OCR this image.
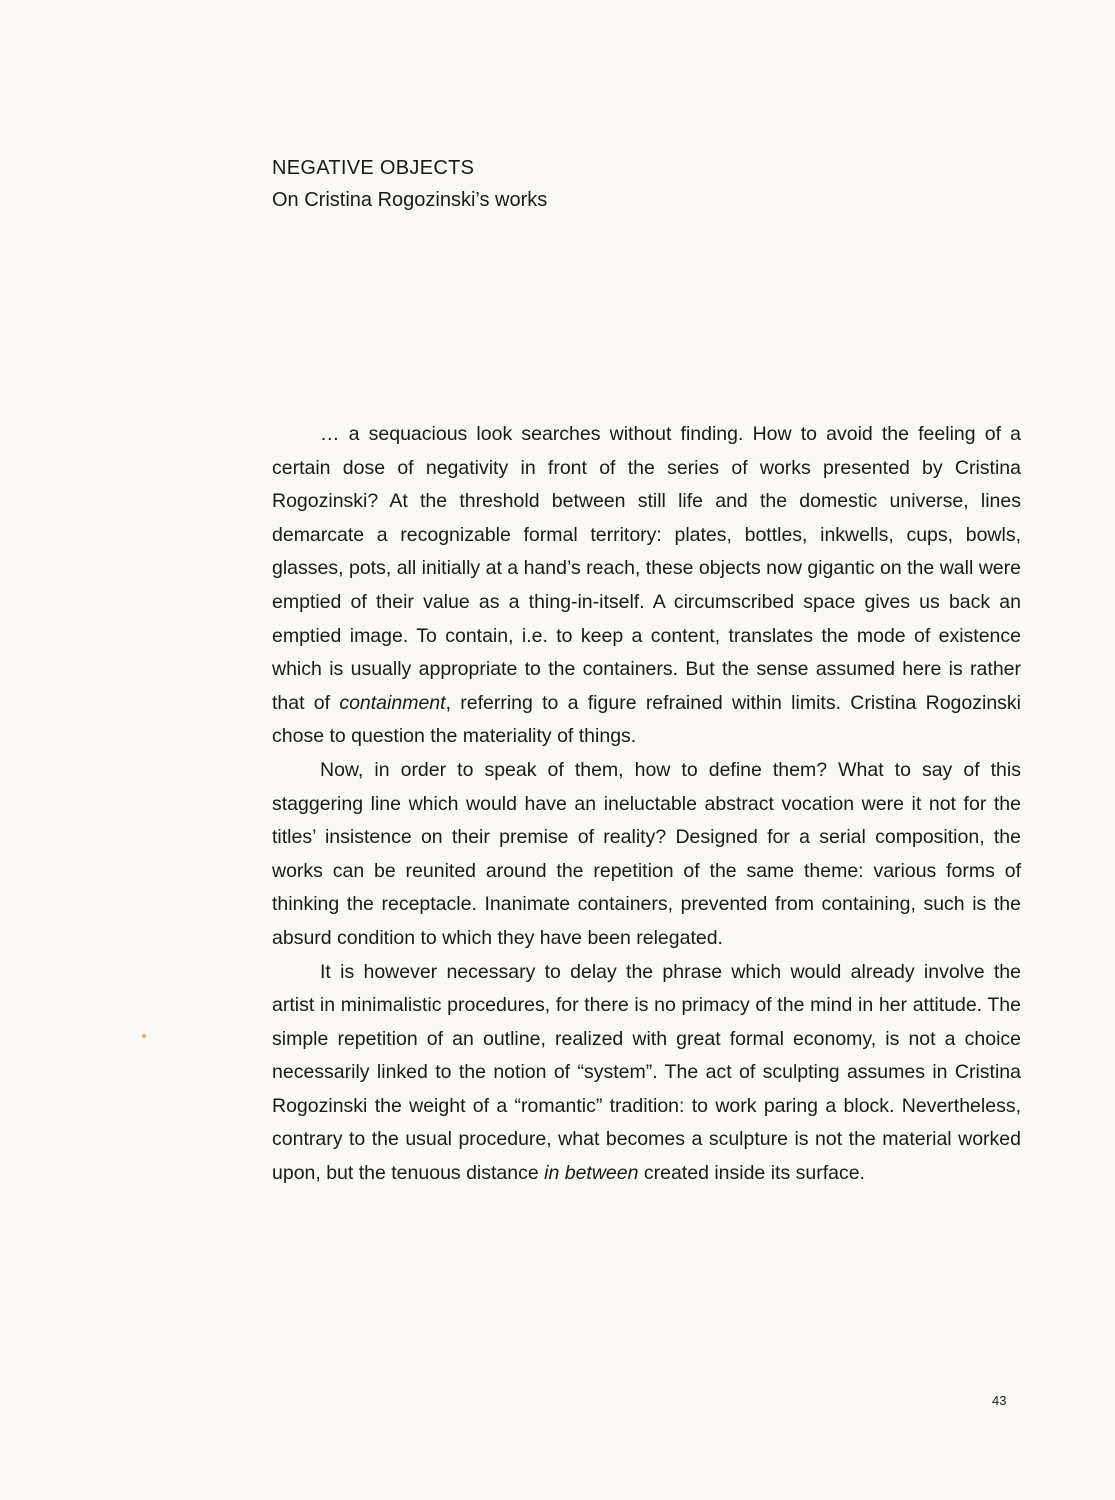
NEGATIVE OBJECTS
On Cristina Rogozinski’s works

… a sequacious look searches without finding. How to avoid the feeling of a certain dose of negativity in front of the series of works presented by Cristina Rogozinski? At the threshold between still life and the domestic universe, lines demarcate a recognizable formal territory: plates, bottles, inkwells, cups, bowls, glasses, pots, all initially at a hand’s reach, these objects now gigantic on the wall were emptied of their value as a thing-in-itself. A circumscribed space gives us back an emptied image. To contain, i.e. to keep a content, translates the mode of existence which is usually appropriate to the containers. But the sense assumed here is rather that of containment, referring to a figure refrained within limits. Cristina Rogozinski chose to question the materiality of things.

Now, in order to speak of them, how to define them? What to say of this staggering line which would have an ineluctable abstract vocation were it not for the titles’ insistence on their premise of reality? Designed for a serial composition, the works can be reunited around the repetition of the same theme: various forms of thinking the receptacle. Inanimate containers, prevented from containing, such is the absurd condition to which they have been relegated.

It is however necessary to delay the phrase which would already involve the artist in minimalistic procedures, for there is no primacy of the mind in her attitude. The simple repetition of an outline, realized with great formal economy, is not a choice necessarily linked to the notion of “system”. The act of sculpting assumes in Cristina Rogozinski the weight of a “romantic” tradition: to work paring a block. Nevertheless, contrary to the usual procedure, what becomes a sculpture is not the material worked upon, but the tenuous distance in between created inside its surface.

43
